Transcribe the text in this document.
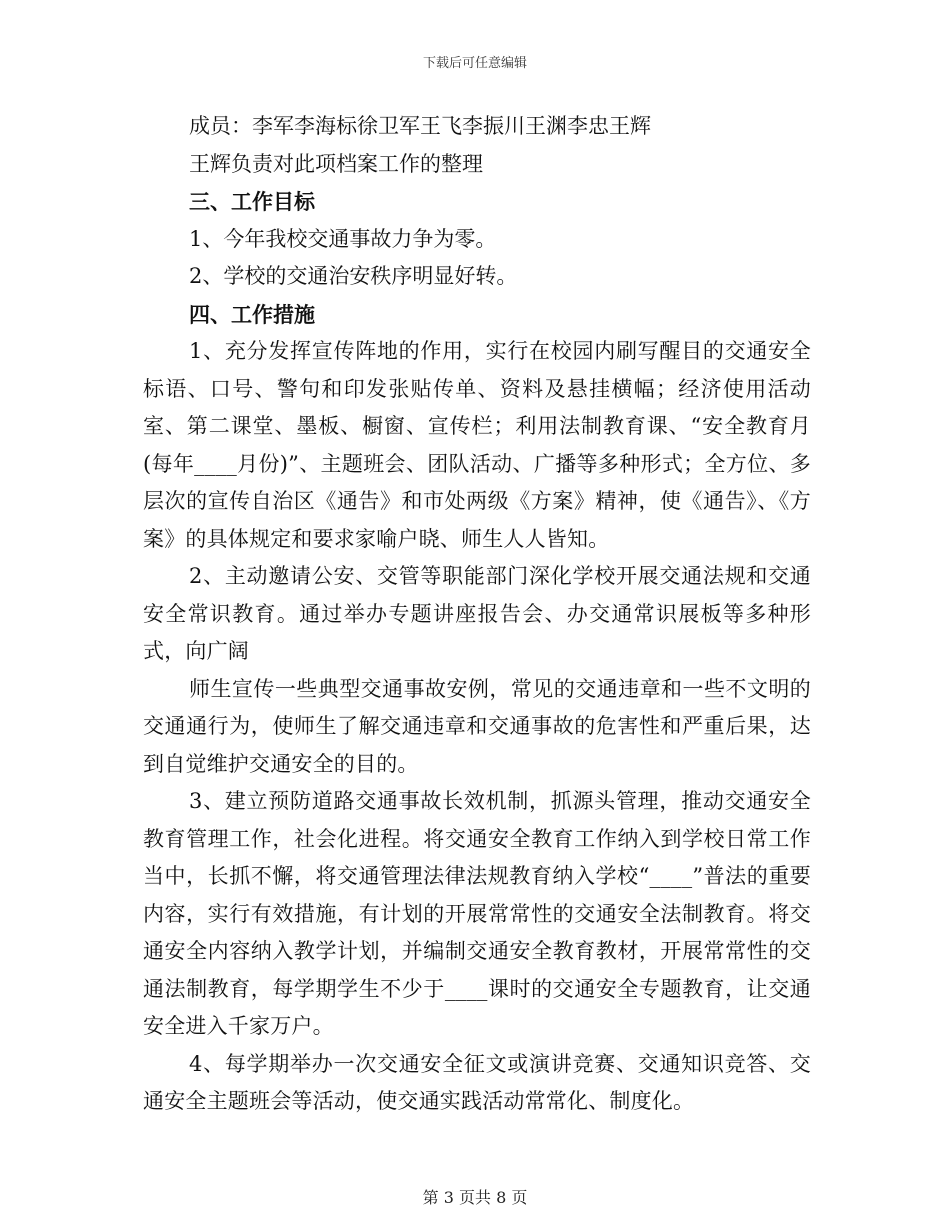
下载后可任意编辑
成员：李军李海标徐卫军王飞李振川王渊李忠王辉
王辉负责对此项档案工作的整理
三、工作目标
1、今年我校交通事故力争为零。
2、学校的交通治安秩序明显好转。
四、工作措施
1、充分发挥宣传阵地的作用，实行在校园内刷写醒目的交通安全标语、口号、警句和印发张贴传单、资料及悬挂横幅；经济使用活动室、第二课堂、墨板、橱窗、宣传栏；利用法制教育课、“安全教育月(每年____月份)”、主题班会、团队活动、广播等多种形式；全方位、多层次的宣传自治区《通告》和市处两级《方案》精神，使《通告》、《方案》的具体规定和要求家喻户晓、师生人人皆知。
2、主动邀请公安、交管等职能部门深化学校开展交通法规和交通安全常识教育。通过举办专题讲座报告会、办交通常识展板等多种形式，向广阔
师生宣传一些典型交通事故安例，常见的交通违章和一些不文明的交通通行为，使师生了解交通违章和交通事故的危害性和严重后果，达到自觉维护交通安全的目的。
3、建立预防道路交通事故长效机制，抓源头管理，推动交通安全教育管理工作，社会化进程。将交通安全教育工作纳入到学校日常工作当中，长抓不懈，将交通管理法律法规教育纳入学校“____”普法的重要内容，实行有效措施，有计划的开展常常性的交通安全法制教育。将交通安全内容纳入教学计划，并编制交通安全教育教材，开展常常性的交通法制教育，每学期学生不少于____课时的交通安全专题教育，让交通安全进入千家万户。
4、每学期举办一次交通安全征文或演讲竞赛、交通知识竞答、交通安全主题班会等活动，使交通实践活动常常化、制度化。
第 3 页共 8 页
